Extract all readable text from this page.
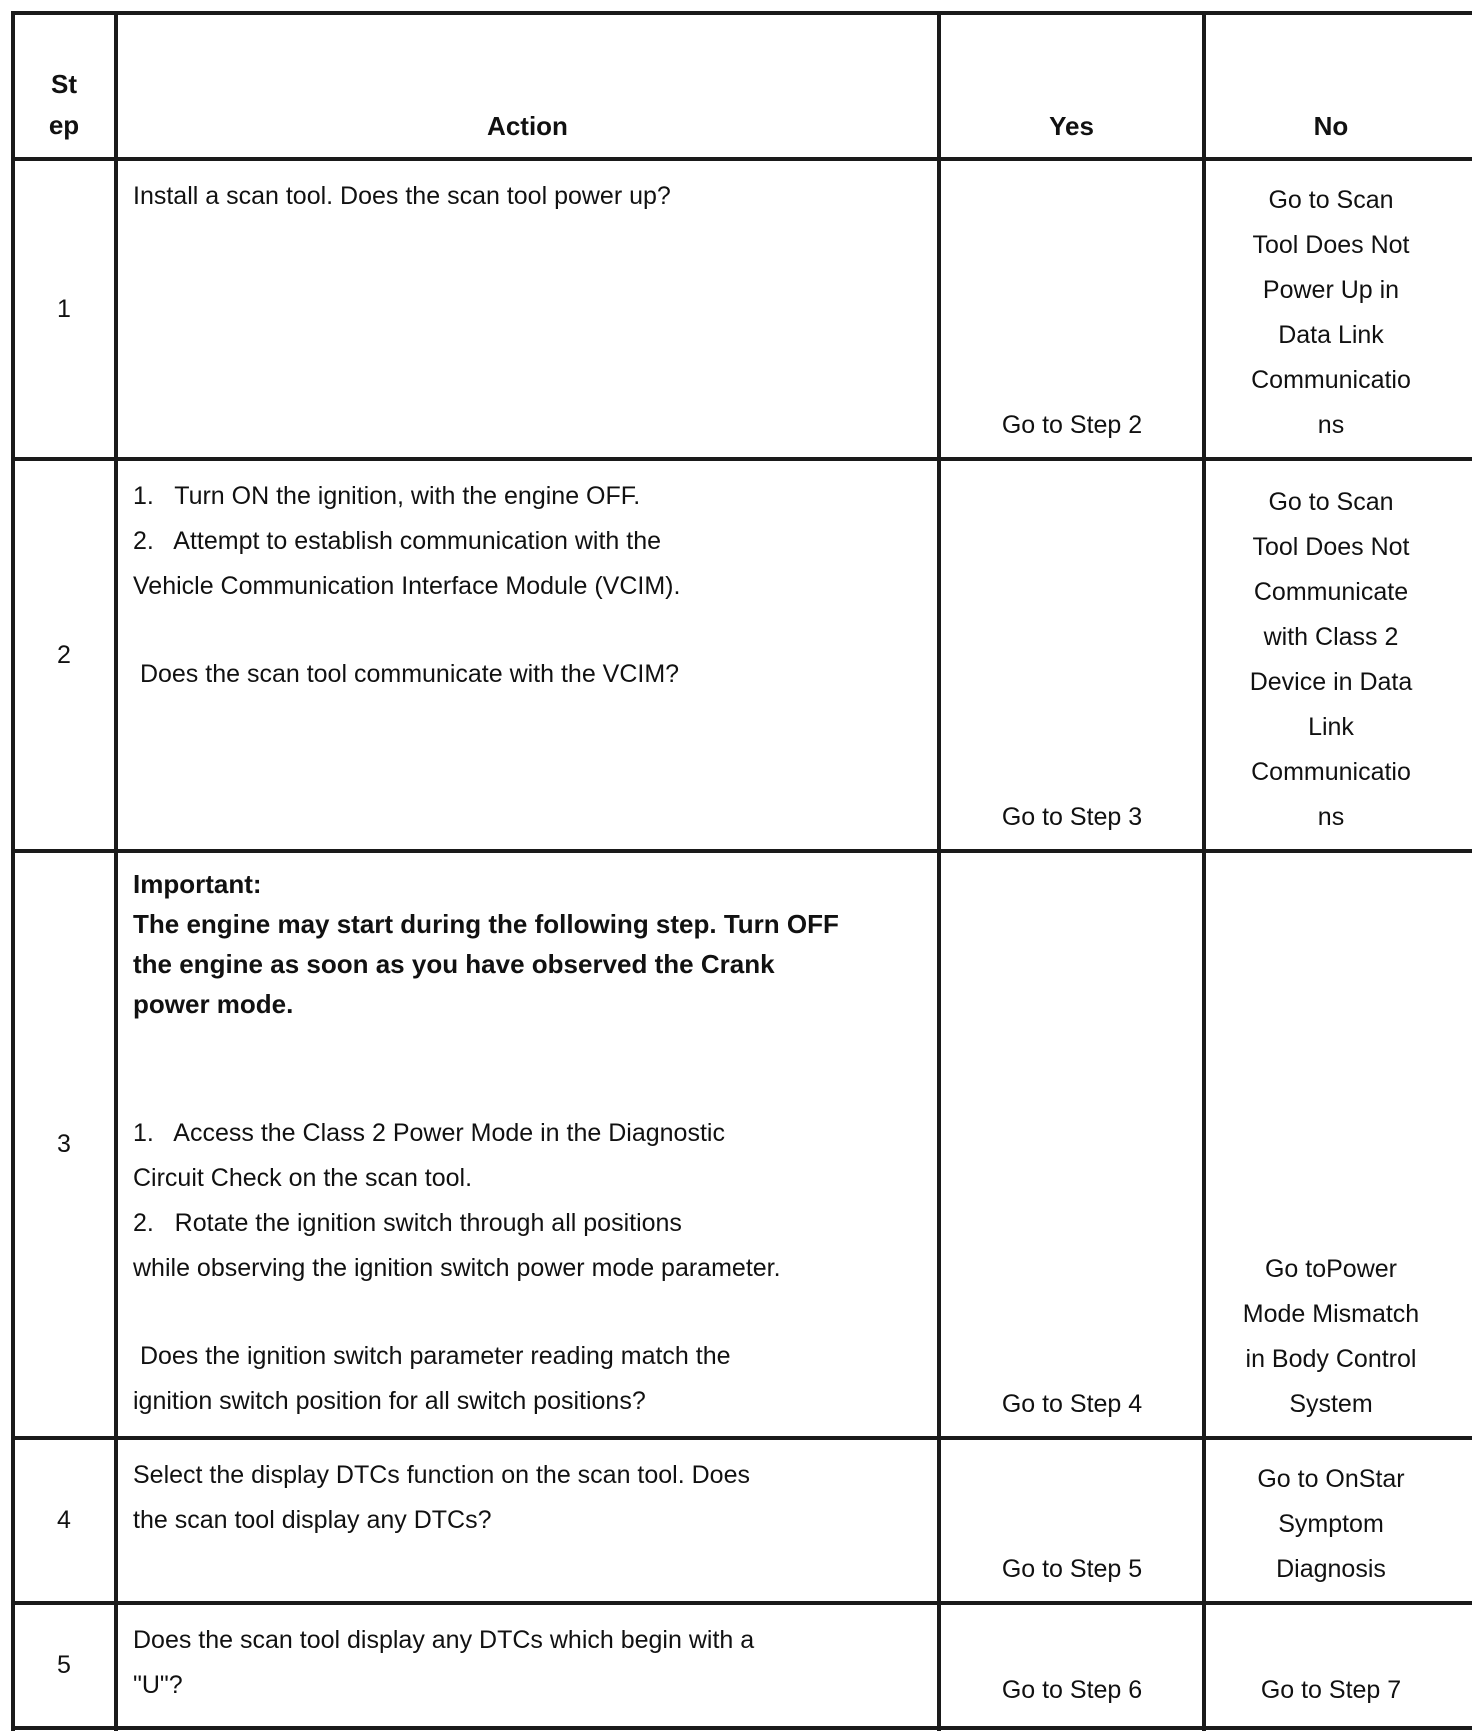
St
ep	Action	Yes	No
1
Install a scan tool. Does the scan tool power up?
Go to Step 2
Go to Scan
Tool Does Not
Power Up in
Data Link
Communicatio
ns
2
1.   Turn ON the ignition, with the engine OFF.
2.   Attempt to establish communication with the
Vehicle Communication Interface Module (VCIM).
Does the scan tool communicate with the VCIM?
Go to Step 3
Go to Scan
Tool Does Not
Communicate
with Class 2
Device in Data
Link
Communicatio
ns
3
Important:
The engine may start during the following step. Turn OFF
the engine as soon as you have observed the Crank
power mode.
1.   Access the Class 2 Power Mode in the Diagnostic
Circuit Check on the scan tool.
2.   Rotate the ignition switch through all positions
while observing the ignition switch power mode parameter.
Does the ignition switch parameter reading match the
ignition switch position for all switch positions?	Go to Step 4
Go toPower
Mode Mismatch
in Body Control
System
4
Select the display DTCs function on the scan tool. Does
the scan tool display any DTCs?
Go to Step 5
Go to OnStar
Symptom
Diagnosis
5
Does the scan tool display any DTCs which begin with a
"U"?	Go to Step 6	Go to Step 7
